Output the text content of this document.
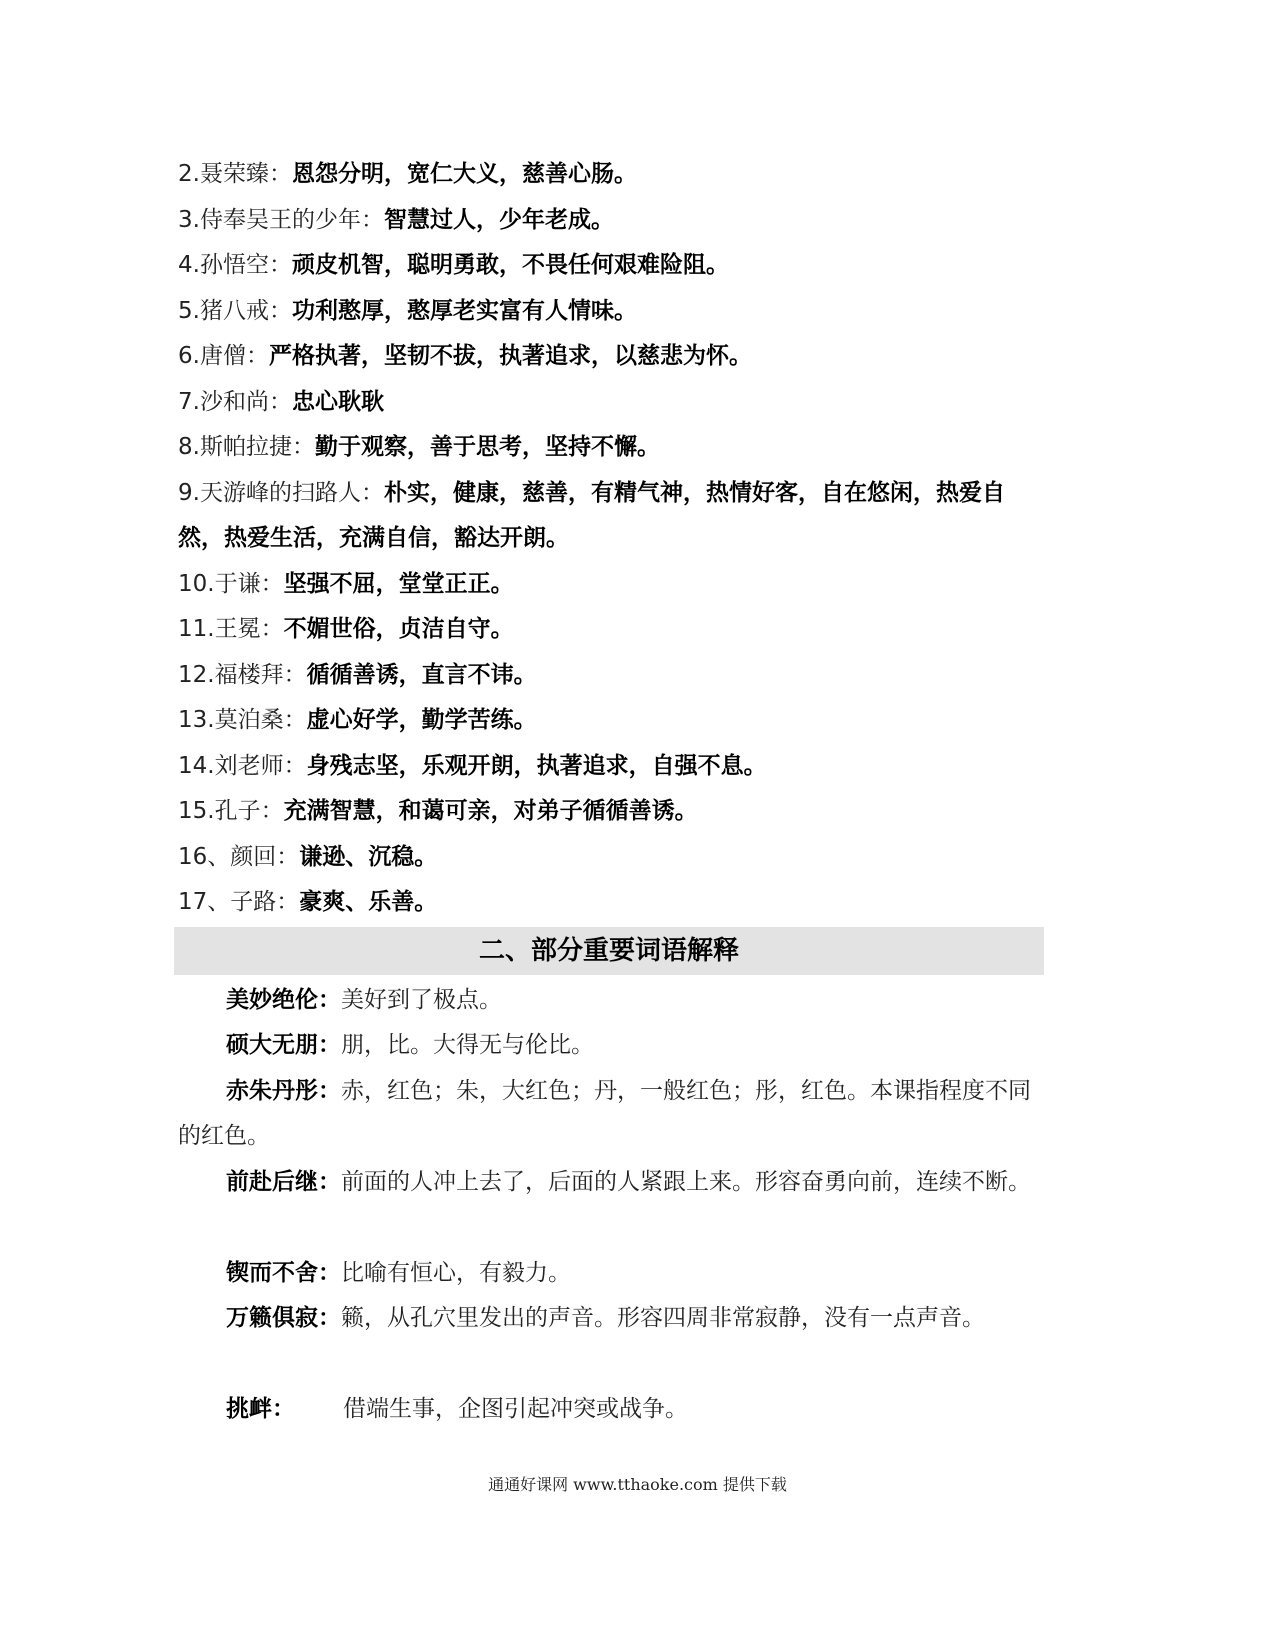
2.聂荣臻：恩怨分明，宽仁大义，慈善心肠。
3.侍奉吴王的少年：智慧过人，少年老成。
4.孙悟空：顽皮机智，聪明勇敢，不畏任何艰难险阻。
5.猪八戒：功利憨厚，憨厚老实富有人情味。
6.唐僧：严格执著，坚韧不拔，执著追求，以慈悲为怀。
7.沙和尚：忠心耿耿
8.斯帕拉捷：勤于观察，善于思考，坚持不懈。
9.天游峰的扫路人：朴实，健康，慈善，有精气神，热情好客，自在悠闲，热爱自然，热爱生活，充满自信，豁达开朗。
10.于谦：坚强不屈，堂堂正正。
11.王冕：不媚世俗，贞洁自守。
12.福楼拜：循循善诱，直言不讳。
13.莫泊桑：虚心好学，勤学苦练。
14.刘老师：身残志坚，乐观开朗，执著追求，自强不息。
15.孔子：充满智慧，和蔼可亲，对弟子循循善诱。
16、颜回：谦逊、沉稳。
17、子路：豪爽、乐善。
二、部分重要词语解释
美妙绝伦：美好到了极点。
硕大无朋：朋，比。大得无与伦比。
赤朱丹彤：赤，红色；朱，大红色；丹，一般红色；彤，红色。本课指程度不同的红色。
前赴后继：前面的人冲上去了，后面的人紧跟上来。形容奋勇向前，连续不断。
锲而不舍：比喻有恒心，有毅力。
万籁俱寂：籁，从孔穴里发出的声音。形容四周非常寂静，没有一点声音。
挑衅： 借端生事，企图引起冲突或战争。
通通好课网 www.tthaoke.com 提供下载
